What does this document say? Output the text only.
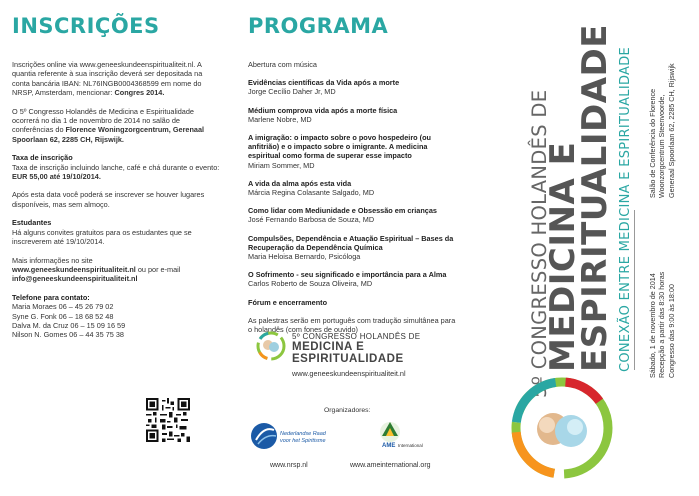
INSCRIÇÕES

Inscrições online via www.geneeskundeenspiritualiteit.nl. A quantia referente à sua inscrição deverá ser depositada na conta bancária IBAN: NL76INGB0004368599 em nome do NRSP, Amsterdam, mencionar: Congres 2014.

O 5º Congresso Holandês de Medicina e Espiritualidade ocorrerá no dia 1 de novembro de 2014 no salão de conferências do Florence Woningzorgcentrum, Gerenaal Spoorlaan 62, 2285 CH, Rijswijk.

Taxa de inscrição

Taxa de inscrição incluindo lanche, café e chá durante o evento:

EUR 55,00 até 19/10/2014.

Após esta data você poderá se inscrever se houver lugares disponíveis, mas sem almoço.

Estudantes

Há alguns convites gratuitos para os estudantes que se inscreverem até 19/10/2014.

Mais informações no site

www.geneeskundeenspiritualiteit.nl ou por e-mail

info@geneeskundeenspiritualiteit.nl

Telefone para contato:

Maria Moraes 06 – 45 26 79 02

Syne G. Fonk 06 – 18 68 52 48

Dalva M. da Cruz 06 – 15 09 16 59

Nilson N. Gomes 06 – 44 35 75 38

PROGRAMA
Abertura com música
Evidências científicas da Vida após a morte
Jorge Cecílio Daher Jr, MD
Médium comprova vida após a morte física
Marlene Nobre, MD
A imigração: o impacto sobre o povo hospedeiro (ou anfitrião) e o impacto sobre o imigrante. A medicina espiritual como forma de superar esse impacto
Miriam Sommer, MD
A vida da alma após esta vida
Márcia Regina Colasante Salgado, MD
Como lidar com Mediunidade e Obsessão em crianças
José Fernando Barbosa de Souza, MD
Compulsões, Dependência e Atuação Espiritual – Bases da Recuperação da Dependência Química
Maria Heloisa Bernardo, Psicóloga
O Sofrimento - seu significado e importância para a Alma
Carlos Roberto de Souza Oliveira, MD
Fórum e encerramento
As palestras serão em português com tradução simultânea para o holandês (com fones de ouvido)
5º CONGRESSO HOLANDÊS DE
MEDICINA E
ESPIRITUALIDADE
www.geneeskundeenspiritualiteit.nl
Organizadores:
Nederlandse Raad
voor het Spiritisme
AME International
www.nrsp.nl	www.ameinternational.org
5º CONGRESSO HOLANDÊS DE
MEDICINA E
ESPIRITUALIDADE CONEXÃO ENTRE MEDICINA E ESPIRITUALIDADE Salão de Conferência do Florence Woonzorgcentrum Steenvoorde, Generaal Spoorlaan 62, 2285 CH, Rijswijk
Sábado, 1 de novembro de 2014 Recepção a partir das 8:30 horas Congresso das 9:00 às 18:00
